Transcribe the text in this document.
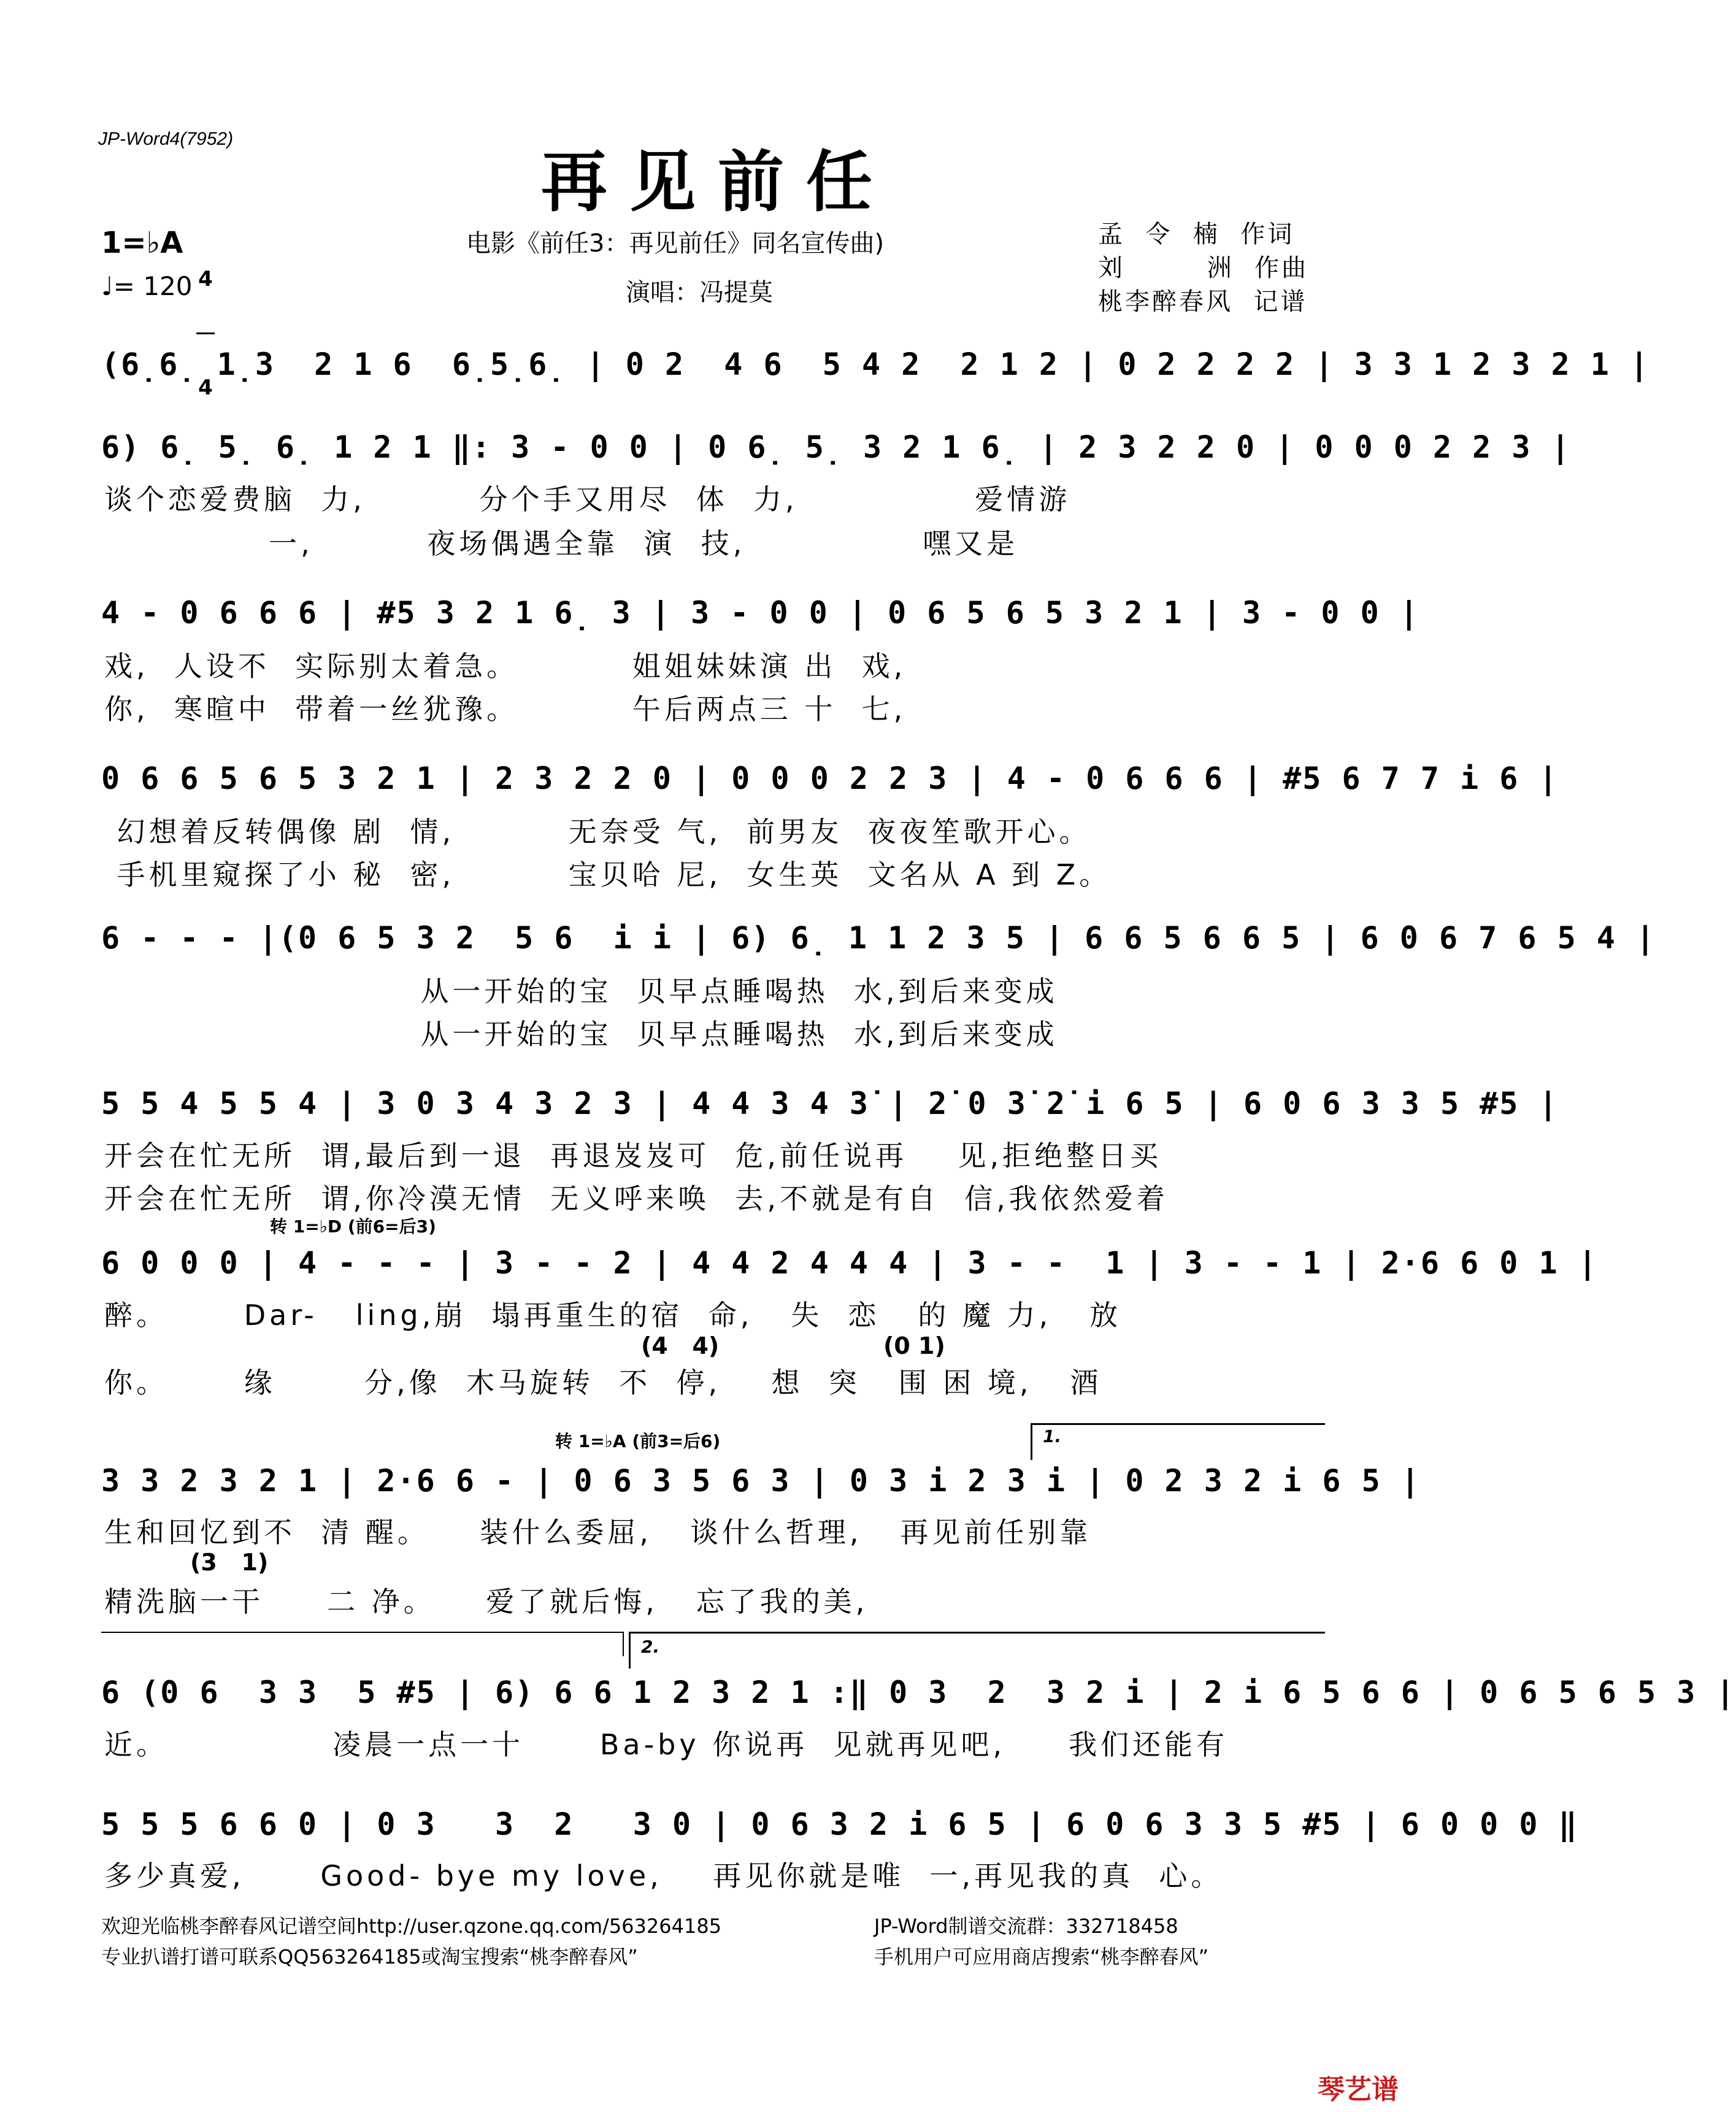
JP-Word4(7952)
再见前任
电影《前任3：再见前任》同名宣传曲)
演唱：冯提莫
孟  令  楠  作词
刘        洲  作曲
桃李醉春风  记谱
1=♭A

4

4

♩= 120
(6̣6̣ 1̣3  2 1 6  6̣5̣6̣ | 0 2  4 6  5 4 2  2 1 2 | 0 2 2 2 2 | 3 3 1 2 3 2 1 |
6) 6̣ 5̣ 6̣ 1 2 1 ‖: 3 - 0 0 | 0 6̣ 5̣ 3 2 1 6̣ | 2 3 2 2 0 | 0 0 0 2 2 3 |
谈个恋爱费脑  力,         分个手又用尽  体  力,              爱情游
一,         夜场偶遇全靠  演  技,              嘿又是
4 - 0 6 6 6 | #5 3 2 1 6̣ 3 | 3 - 0 0 | 0 6 5 6 5 3 2 1 | 3 - 0 0 |
戏,  人设不  实际别太着急。         姐姐妹妹演 出  戏,
你,  寒暄中  带着一丝犹豫。         午后两点三 十  七,
0 6 6 5 6 5 3 2 1 | 2 3 2 2 0 | 0 0 0 2 2 3 | 4 - 0 6 6 6 | #5 6 7 7 i 6 |
幻想着反转偶像 剧  情,         无奈受 气,  前男友  夜夜笙歌开心。
手机里窥探了小 秘  密,         宝贝哈 尼,  女生英  文名从 A 到 Z。
6 - - - |(0 6 5 3 2  5 6  i i | 6) 6̣ 1 1 2 3 5 | 6 6 5 6 6 5 | 6 0 6 7 6 5 4 |
从一开始的宝  贝早点睡喝热  水,到后来变成
从一开始的宝  贝早点睡喝热  水,到后来变成
5 5 4 5 5 4 | 3 0 3 4 3 2 3 | 4 4 3 4 3̇ | 2̇ 0 3̇ 2̇ i 6 5 | 6 0 6 3 3 5 #5 |
开会在忙无所  谓,最后到一退  再退岌岌可  危,前任说再    见,拒绝整日买
开会在忙无所  谓,你冷漠无情  无义呼来唤  去,不就是有自  信,我依然爱着
转 1=♭D (前6=后3)
6 0 0 0 | 4 - - - | 3 - - 2 | 4 4 2 4 4 4 | 3 - -  1 | 3 - - 1 | 2·6 6 0 1 |
醉。      Dar-   ling,崩  塌再重生的宿  命,   失  恋   的 魔 力,   放
(4   4)	(0 1)
你。      缘       分,像  木马旋转  不  停,    想  突   围 困 境,   酒
转 1=♭A (前3=后6)	1.
3 3 2 3 2 1 | 2·6 6 - | 0 6 3 5 6 3 | 0 3 i 2 3 i | 0 2 3 2 i 6 5 |
生和回忆到不  清 醒。    装什么委屈,   谈什么哲理,   再见前任别靠
(3   1)
精洗脑一干     二 净。    爱了就后悔,   忘了我的美,
2.
6 (0 6  3 3  5 #5 | 6) 6 6 1 2 3 2 1 :‖ 0 3  2  3 2 i | 2 i 6 5 6 6 | 0 6 5 6 5 3 |
近。             凌晨一点一十      Ba-by 你说再  见就再见吧,     我们还能有
5 5 5 6 6 0 | 0 3   3  2   3 0 | 0 6 3 2 i 6 5 | 6 0 6 3 3 5 #5 | 6 0 0 0 ‖
多少真爱,      Good- bye my love,    再见你就是唯  一,再见我的真  心。
欢迎光临桃李醉春风记谱空间http://user.qzone.qq.com/563264185	JP-Word制谱交流群：332718458
专业扒谱打谱可联系QQ563264185或淘宝搜索“桃李醉春风”	手机用户可应用商店搜索“桃李醉春风”
琴艺谱
